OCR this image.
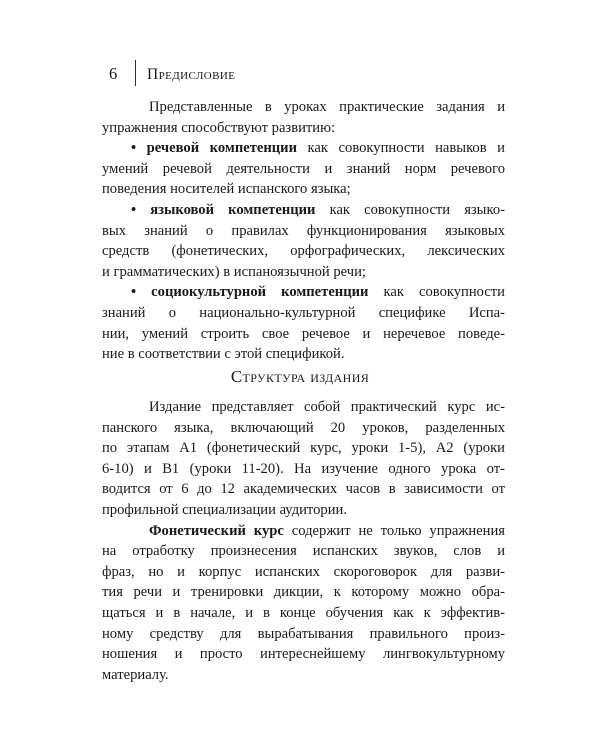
6 Предисловие
Представленные в уроках практические задания и
упражнения способствуют развитию:
• речевой компетенции как совокупности навыков и
умений речевой деятельности и знаний норм речевого
поведения носителей испанского языка;
• языковой компетенции как совокупности языко-
вых знаний о правилах функционирования языковых
средств (фонетических, орфографических, лексических
и грамматических) в испаноязычной речи;
• социокультурной компетенции как совокупности
знаний о национально-культурной специфике Испа-
нии, умений строить свое речевое и неречевое поведе-
ние в соответствии с этой спецификой.
Структура издания
Издание представляет собой практический курс ис-
панского языка, включающий 20 уроков, разделенных
по этапам А1 (фонетический курс, уроки 1-5), А2 (уроки
6-10) и В1 (уроки 11-20). На изучение одного урока от-
водится от 6 до 12 академических часов в зависимости от
профильной специализации аудитории.
Фонетический курс содержит не только упражнения
на отработку произнесения испанских звуков, слов и
фраз, но и корпус испанских скороговорок для разви-
тия речи и тренировки дикции, к которому можно обра-
щаться и в начале, и в конце обучения как к эффектив-
ному средству для вырабатывания правильного произ-
ношения и просто интереснейшему лингвокультурному
материалу.
